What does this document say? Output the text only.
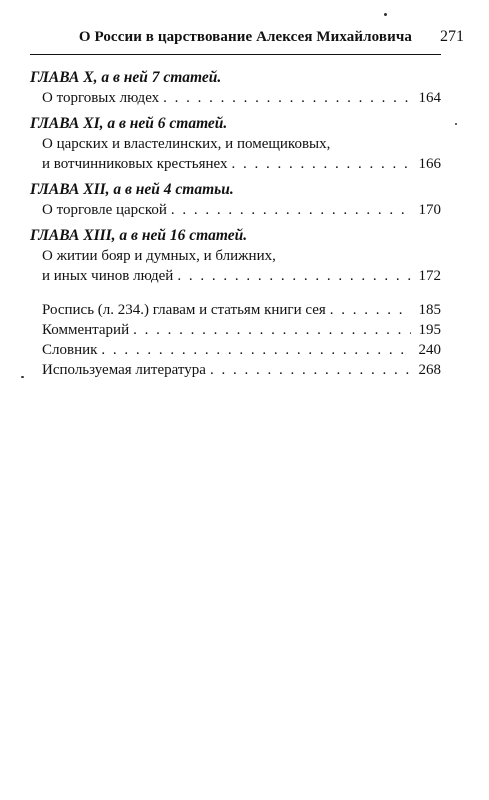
О России в царствование Алексея Михайловича 271
ГЛАВА X, а в ней 7 статей.
О торговых людех . . .	164
ГЛАВА XI, а в ней 6 статей.
О царских и властелинских, и помещиковых,
и вотчинниковых крестьянех . . .	166
ГЛАВА XII, а в ней 4 статьи.
О торговле царской . . .	170
ГЛАВА XIII, а в ней 16 статей.
О житии бояр и думных, и ближних,
и иных чинов людей . . .	172
Роспись (л. 234.) главам и статьям книги сея . . .	185
Комментарий . . .	195
Словник . . .	240
Используемая литература . . .	268
